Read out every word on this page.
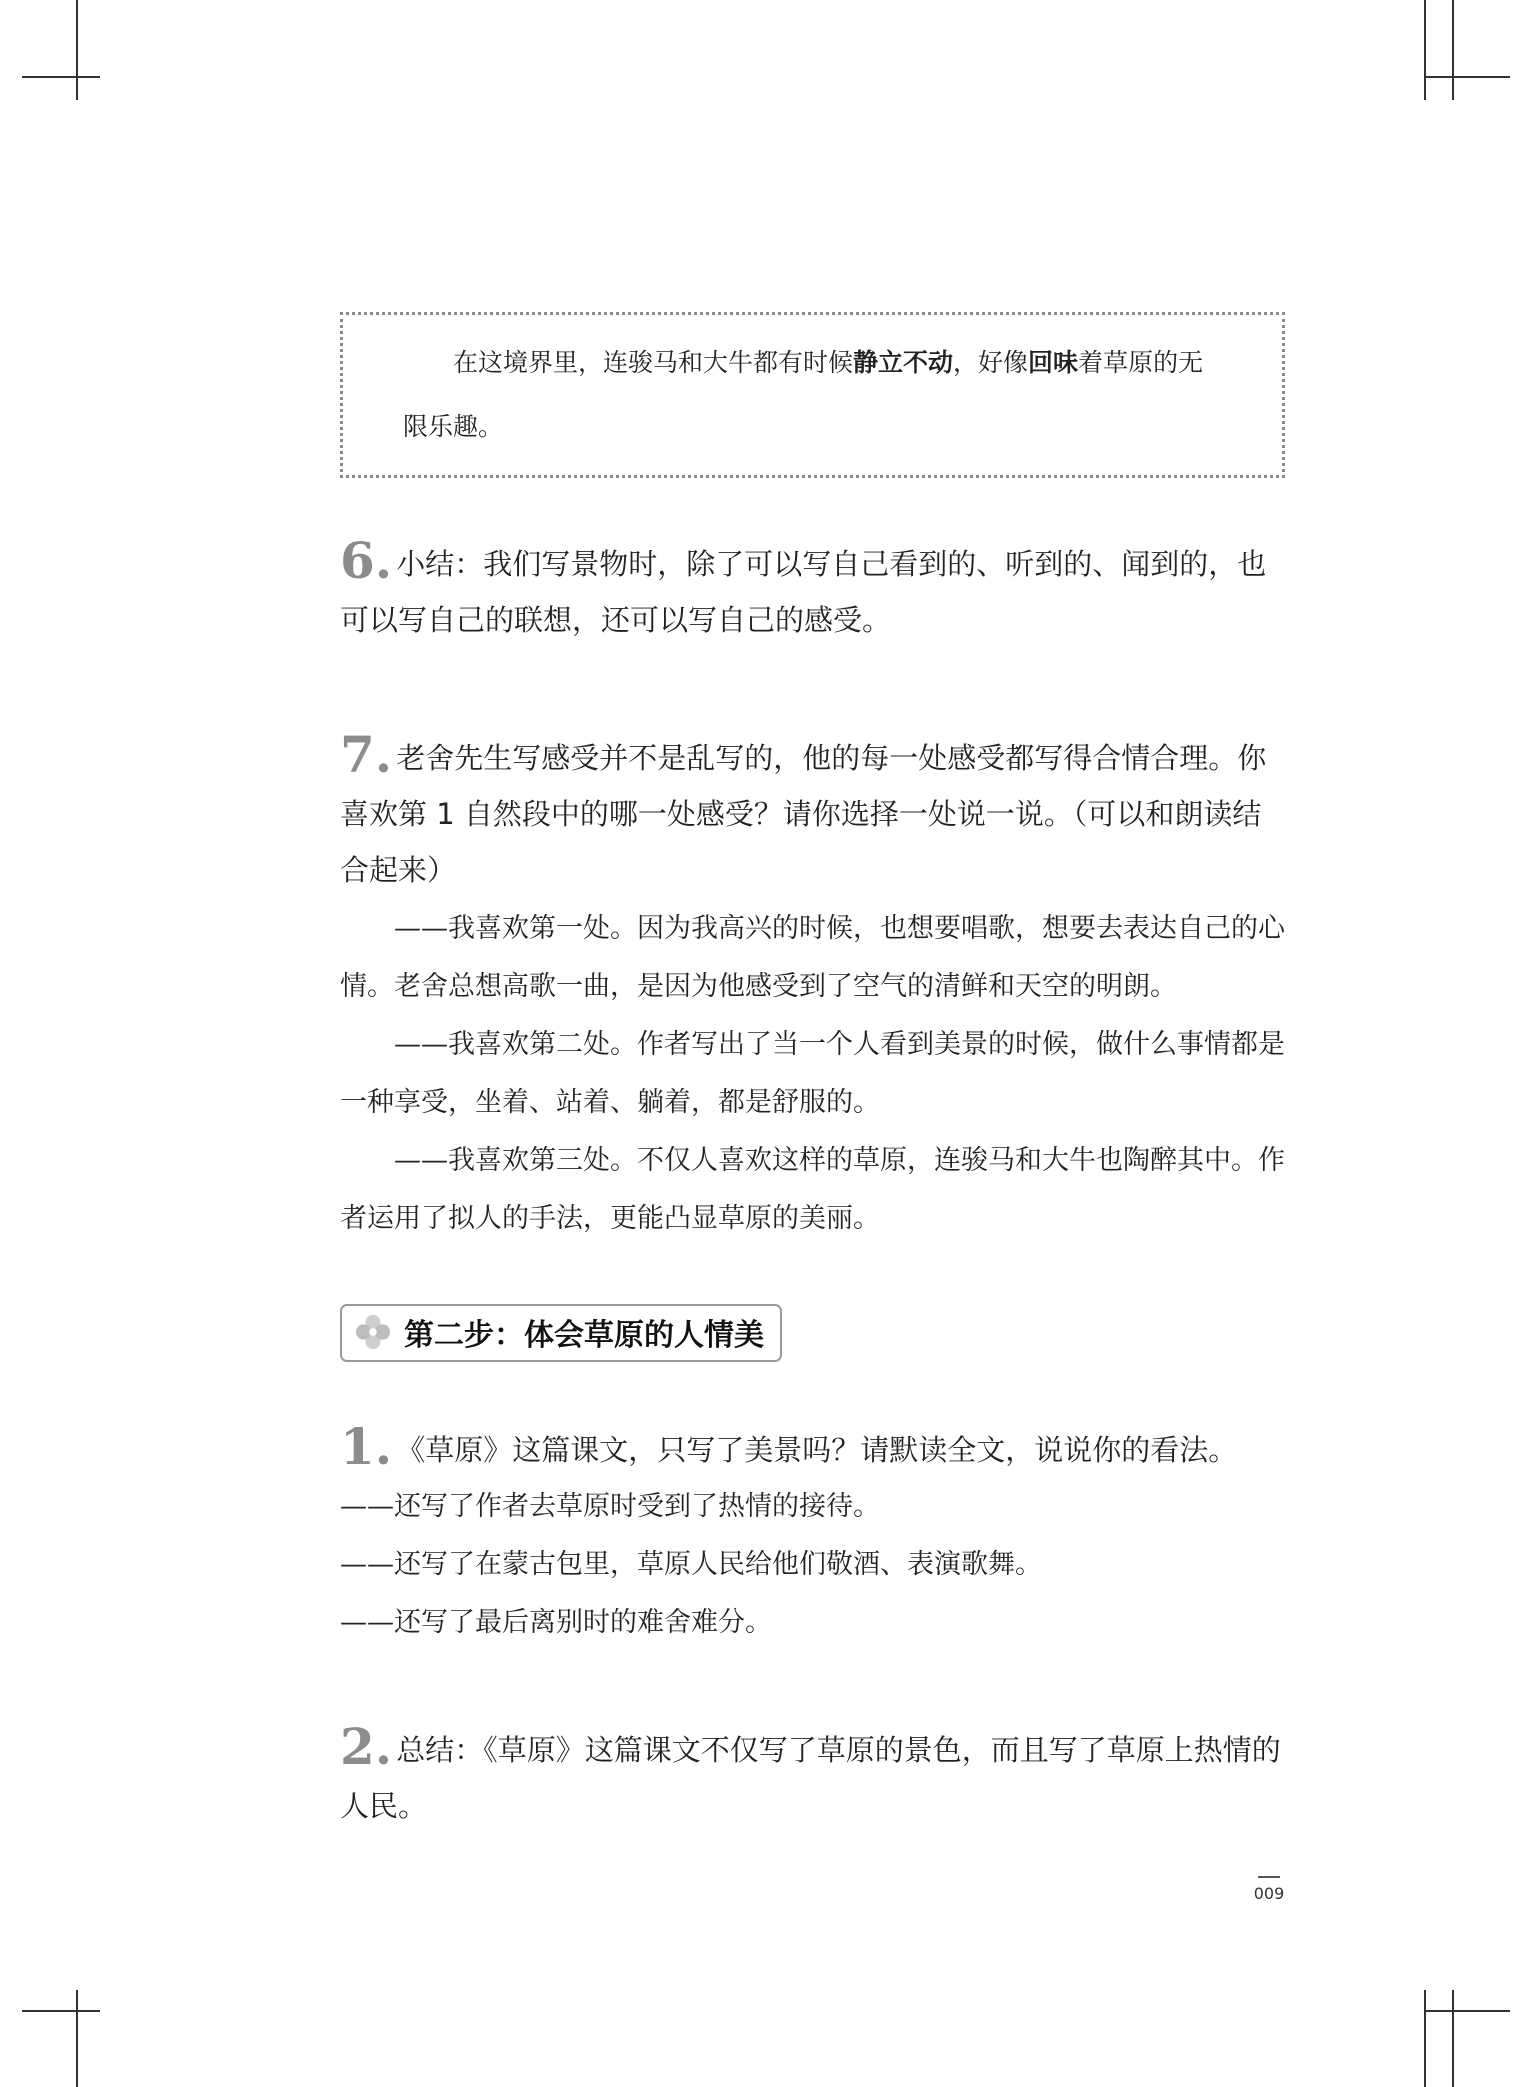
在这境界里，连骏马和大牛都有时候静立不动，好像回味着草原的无
限乐趣。
6. 小结：我们写景物时，除了可以写自己看到的、听到的、闻到的，也可以写自己的联想，还可以写自己的感受。
7. 老舍先生写感受并不是乱写的，他的每一处感受都写得合情合理。你喜欢第 1 自然段中的哪一处感受？请你选择一处说一说。（可以和朗读结合起来）
——我喜欢第一处。因为我高兴的时候，也想要唱歌，想要去表达自己的心情。老舍总想高歌一曲，是因为他感受到了空气的清鲜和天空的明朗。
——我喜欢第二处。作者写出了当一个人看到美景的时候，做什么事情都是一种享受，坐着、站着、躺着，都是舒服的。
——我喜欢第三处。不仅人喜欢这样的草原，连骏马和大牛也陶醉其中。作者运用了拟人的手法，更能凸显草原的美丽。
第二步：体会草原的人情美
1. 《草原》这篇课文，只写了美景吗？请默读全文，说说你的看法。
——还写了作者去草原时受到了热情的接待。
——还写了在蒙古包里，草原人民给他们敬酒、表演歌舞。
——还写了最后离别时的难舍难分。
2. 总结：《草原》这篇课文不仅写了草原的景色，而且写了草原上热情的人民。
009
